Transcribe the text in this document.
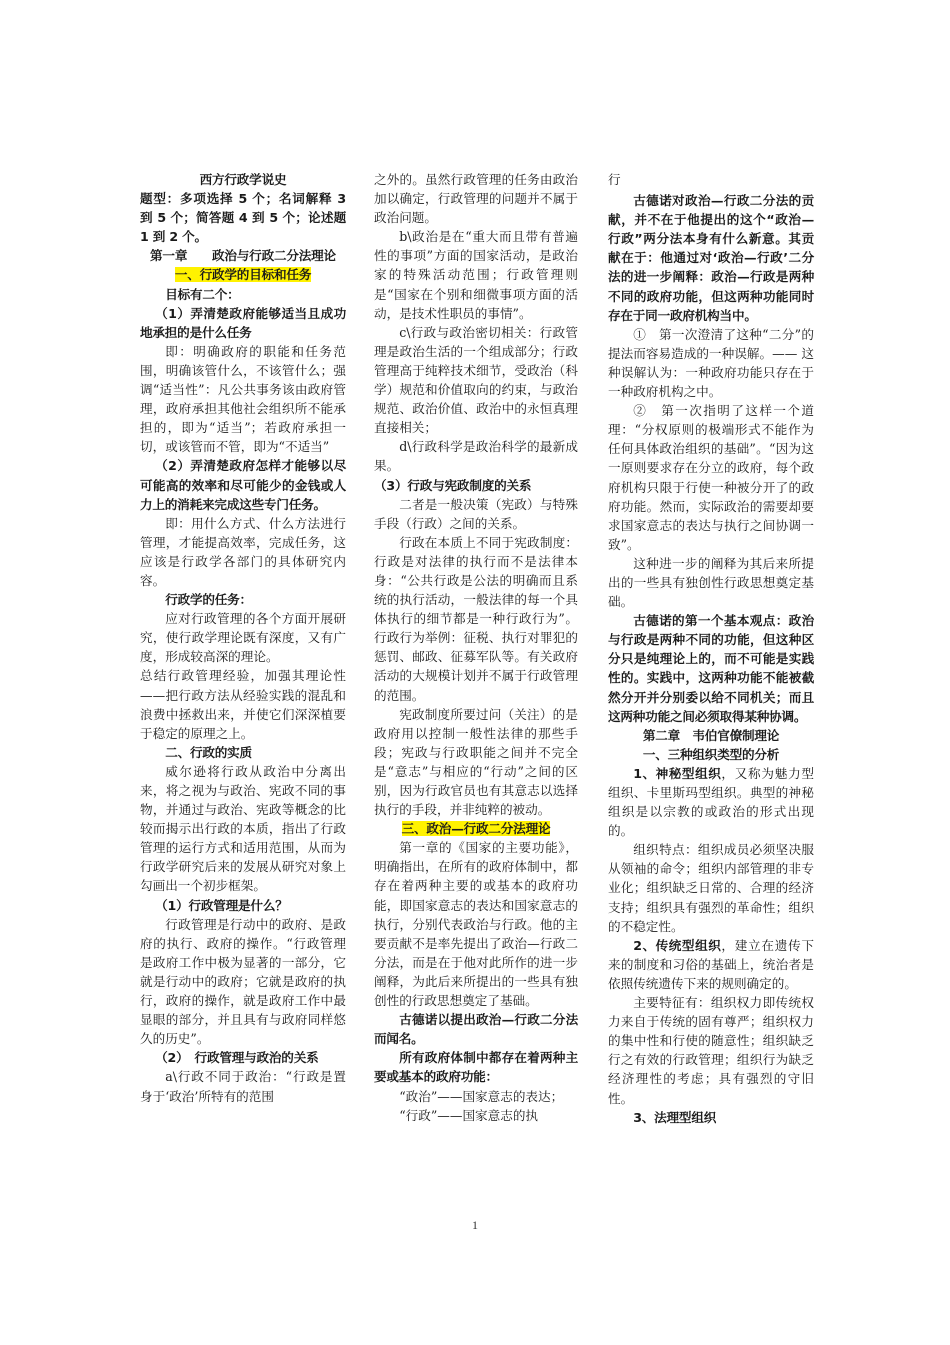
西方行政学说史

题型：多项选择 5 个；名词解释 3 到 5 个；简答题 4 到 5 个；论述题 1 到 2 个。

第一章　　政治与行政二分法理论

一、行政学的目标和任务

目标有二个：

（1）弄清楚政府能够适当且成功地承担的是什么任务

即：明确政府的职能和任务范围，明确该管什么，不该管什么；强调“适当性”：凡公共事务该由政府管理，政府承担其他社会组织所不能承担的，即为“适当”；若政府承担一切，或该管而不管，即为“不适当”

（2）弄清楚政府怎样才能够以尽可能高的效率和尽可能少的金钱或人力上的消耗来完成这些专门任务。

即：用什么方式、什么方法进行管理，才能提高效率，完成任务，这应该是行政学各部门的具体研究内容。

行政学的任务：

应对行政管理的各个方面开展研究，使行政学理论既有深度，又有广度，形成较高深的理论。

总结行政管理经验，加强其理论性——把行政方法从经验实践的混乱和浪费中拯救出来，并使它们深深植要于稳定的原理之上。

二、行政的实质

威尔逊将行政从政治中分离出来，将之视为与政治、宪政不同的事物，并通过与政治、宪政等概念的比较而揭示出行政的本质，指出了行政管理的运行方式和适用范围，从而为行政学研究后来的发展从研究对象上勾画出一个初步框架。

（1）行政管理是什么？

行政管理是行动中的政府、是政府的执行、政府的操作。“行政管理是政府工作中极为显著的一部分，它就是行动中的政府；它就是政府的执行，政府的操作，就是政府工作中最显眼的部分，并且具有与政府同样悠久的历史”。

（2）　行政管理与政治的关系

a\行政不同于政治：“行政是置身于‘政治’所特有的范围

之外的。虽然行政管理的任务由政治加以确定，行政管理的问题并不属于政治问题。

b\政治是在“重大而且带有普遍性的事项”方面的国家活动，是政治家的特殊活动范围；行政管理则是“国家在个别和细微事项方面的活动，是技术性职员的事情”。

c\行政与政治密切相关：行政管理是政治生活的一个组成部分；行政管理高于纯粹技术细节，受政治（科学）规范和价值取向的约束，与政治规范、政治价值、政治中的永恒真理直接相关；

d\行政科学是政治科学的最新成果。

（3）行政与宪政制度的关系

二者是一般决策（宪政）与特殊手段（行政）之间的关系。

行政在本质上不同于宪政制度：行政是对法律的执行而不是法律本身：“公共行政是公法的明确而且系统的执行活动，一般法律的每一个具体执行的细节都是一种行政行为”。行政行为举例：征税、执行对罪犯的惩罚、邮政、征募军队等。有关政府活动的大规模计划并不属于行政管理的范围。

宪政制度所要过问（关注）的是政府用以控制一般性法律的那些手段；宪政与行政职能之间并不完全是“意志”与相应的“行动”之间的区别，因为行政官员也有其意志以选择执行的手段，并非纯粹的被动。

三、政治—行政二分法理论

第一章的《国家的主要功能》，明确指出，在所有的政府体制中，都存在着两种主要的或基本的政府功能，即国家意志的表达和国家意志的执行，分别代表政治与行政。他的主要贡献不是率先提出了政治—行政二分法，而是在于他对此所作的进一步阐释，为此后来所提出的一些具有独创性的行政思想奠定了基础。

古德诺以提出政治—行政二分法而闻名。

所有政府体制中都存在着两种主要或基本的政府功能：

“政治”——国家意志的表达；

“行政”——国家意志的执

行

古德诺对政治—行政二分法的贡献，并不在于他提出的这个“政治—行政”两分法本身有什么新意。其贡献在于：他通过对‘政治—行政’二分法的进一步阐释：政治—行政是两种不同的政府功能，但这两种功能同时存在于同一政府机构当中。

①　第一次澄清了这种“二分”的提法而容易造成的一种误解。—— 这种误解认为：一种政府功能只存在于一种政府机构之中。

②　第一次指明了这样一个道理：“分权原则的极端形式不能作为任何具体政治组织的基础”。“因为这一原则要求存在分立的政府，每个政府机构只限于行使一种被分开了的政府功能。然而，实际政治的需要却要求国家意志的表达与执行之间协调一致”。

这种进一步的阐释为其后来所提出的一些具有独创性行政思想奠定基础。

古德诺的第一个基本观点：政治与行政是两种不同的功能，但这种区分只是纯理论上的，而不可能是实践性的。实践中，这两种功能不能被截然分开并分别委以给不同机关；而且这两种功能之间必须取得某种协调。

第二章　韦伯官僚制理论

一、三种组织类型的分析

1、神秘型组织，又称为魅力型组织、卡里斯玛型组织。典型的神秘组织是以宗教的或政治的形式出现的。

组织特点：组织成员必须坚决服从领袖的命令；组织内部管理的非专业化；组织缺乏日常的、合理的经济支持；组织具有强烈的革命性；组织的不稳定性。

2、传统型组织，建立在遗传下来的制度和习俗的基础上，统治者是依照传统遗传下来的规则确定的。

主要特征有：组织权力即传统权力来自于传统的固有尊严；组织权力的集中性和行使的随意性；组织缺乏行之有效的行政管理；组织行为缺乏经济理性的考虑；具有强烈的守旧性。

3、法理型组织

1
